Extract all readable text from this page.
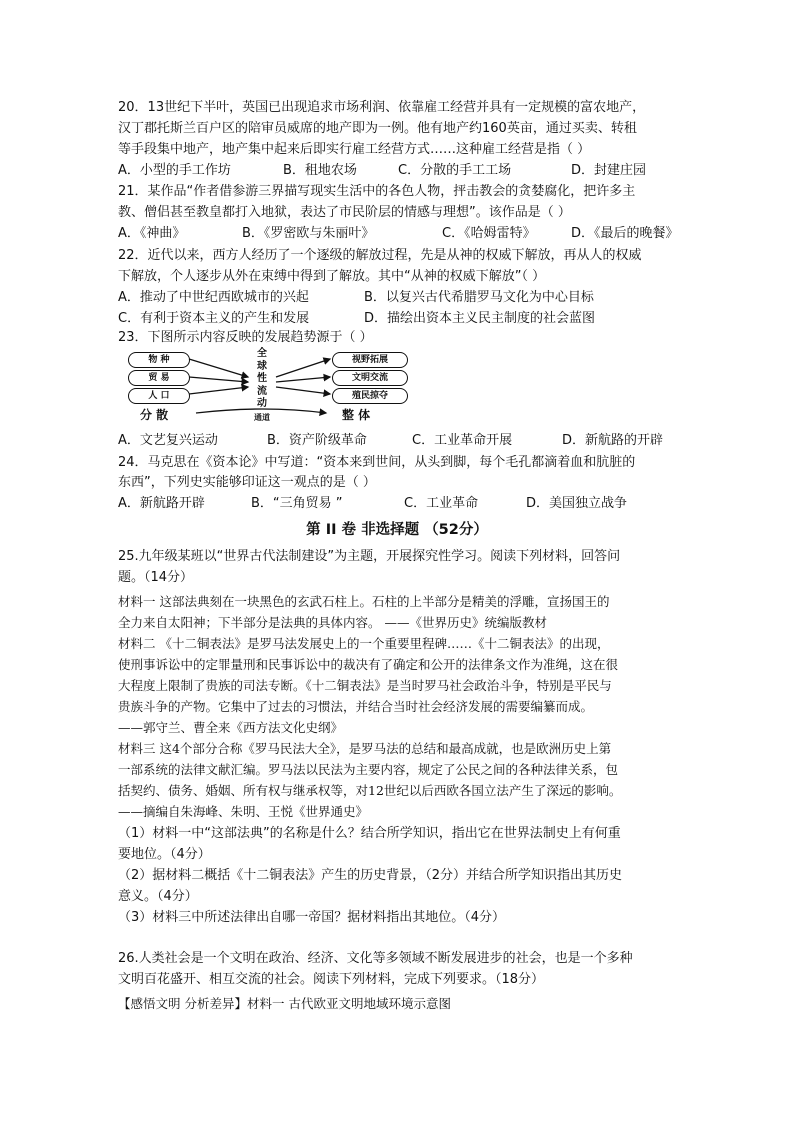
20．13世纪下半叶，英国已出现追求市场利润、依靠雇工经营并具有一定规模的富农地产，
汉丁郡托斯兰百户区的陪审员威席的地产即为一例。他有地产约160英亩，通过买卖、转租
等手段集中地产，地产集中起来后即实行雇工经营方式……这种雇工经营是指（ ）
A．小型的手工作坊	B．租地农场	C．分散的手工工场	D．封建庄园
21．某作品“作者借参游三界描写现实生活中的各色人物，抨击教会的贪婪腐化，把许多主
教、僧侣甚至教皇都打入地狱，表达了市民阶层的情感与理想”。该作品是（ ）
A．《神曲》	B．《罗密欧与朱丽叶》	C．《哈姆雷特》	D．《最后的晚餐》
22．近代以来，西方人经历了一个逐级的解放过程，先是从神的权威下解放，再从人的权威
下解放，个人逐步从外在束缚中得到了解放。其中“从神的权威下解放”（ ）
A．推动了中世纪西欧城市的兴起	B．以复兴古代希腊罗马文化为中心目标
C．有利于资本主义的产生和发展	D．描绘出资本主义民主制度的社会蓝图
23．下图所示内容反映的发展趋势源于（ ）
物 种
贸 易
人 口
全
球
性
流
动
视野拓展
文明交流
殖民掠夺
分 散	整 体
通道
A．文艺复兴运动	B．资产阶级革命	C．工业革命开展	D．新航路的开辟
24．马克思在《资本论》中写道：“资本来到世间，从头到脚，每个毛孔都滴着血和肮脏的
东西”，下列史实能够印证这一观点的是（ ）
A．新航路开辟	B．“三角贸易 ”	C．工业革命	D．美国独立战争
第 II 卷 非选择题 （52分）
25.九年级某班以“世界古代法制建设”为主题，开展探究性学习。阅读下列材料，回答问
题。（14分）
材料一 这部法典刻在一块黑色的玄武石柱上。石柱的上半部分是精美的浮雕，宣扬国王的
全力来自太阳神；下半部分是法典的具体内容。 ——《世界历史》统编版教材
材料二 《十二铜表法》是罗马法发展史上的一个重要里程碑……《十二铜表法》的出现，
使刑事诉讼中的定罪量刑和民事诉讼中的裁决有了确定和公开的法律条文作为准绳，这在很
大程度上限制了贵族的司法专断。《十二铜表法》是当时罗马社会政治斗争，特别是平民与
贵族斗争的产物。它集中了过去的习惯法，并结合当时社会经济发展的需要编纂而成。
——郭守兰、曹全来《西方法文化史纲》
材料三 这4个部分合称《罗马民法大全》，是罗马法的总结和最高成就，也是欧洲历史上第
一部系统的法律文献汇编。罗马法以民法为主要内容，规定了公民之间的各种法律关系，包
括契约、债务、婚姻、所有权与继承权等，对12世纪以后西欧各国立法产生了深远的影响。
——摘编自朱海峰、朱明、王悦《世界通史》
（1）材料一中“这部法典”的名称是什么？结合所学知识，指出它在世界法制史上有何重
要地位。（4分）
（2）据材料二概括《十二铜表法》产生的历史背景，（2分）并结合所学知识指出其历史
意义。（4分）
（3）材料三中所述法律出自哪一帝国？据材料指出其地位。（4分）
26.人类社会是一个文明在政治、经济、文化等多领域不断发展进步的社会，也是一个多种
文明百花盛开、相互交流的社会。阅读下列材料，完成下列要求。（18分）
【感悟文明 分析差异】材料一 古代欧亚文明地域环境示意图
